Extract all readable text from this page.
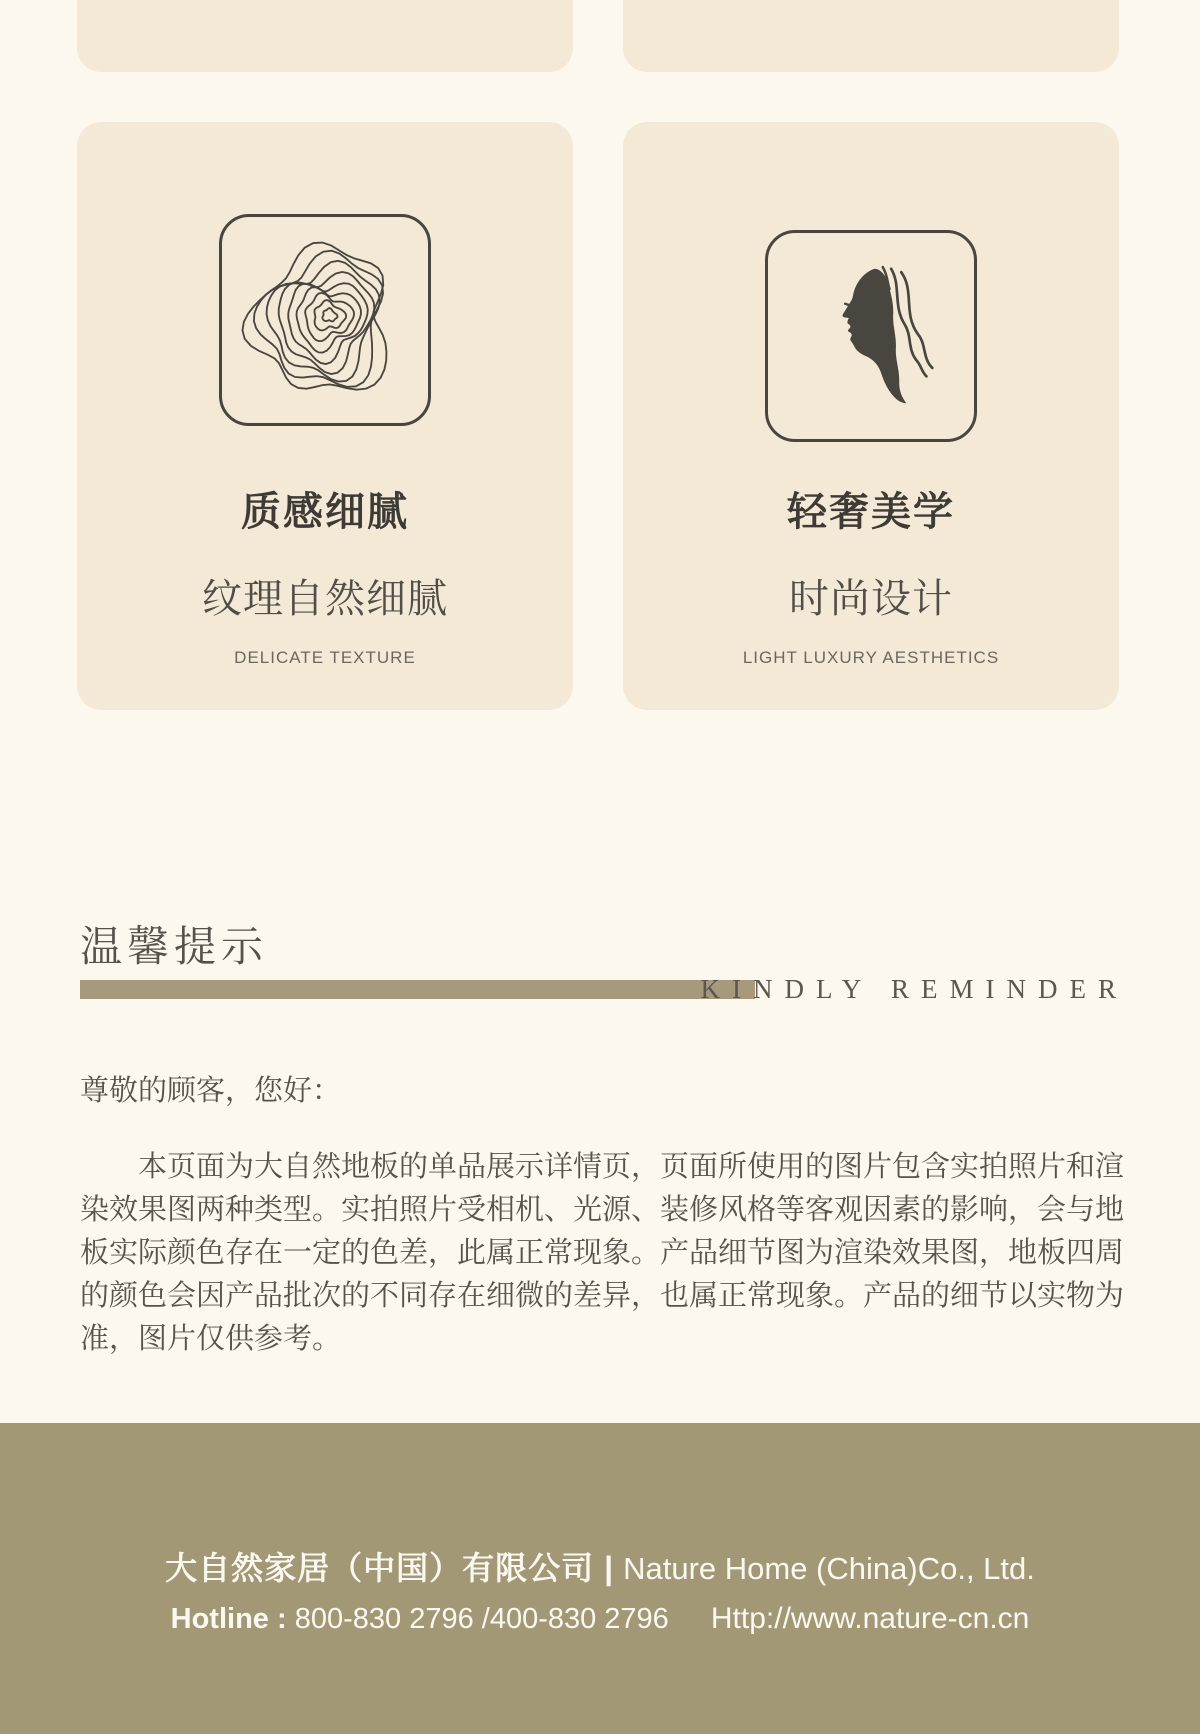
质感细腻
纹理自然细腻
DELICATE TEXTURE
轻奢美学
时尚设计
LIGHT LUXURY AESTHETICS
温馨提示
KINDLY REMINDER
尊敬的顾客，您好：
本页面为大自然地板的单品展示详情页，页面所使用的图片包含实拍照片和渲染效果图两种类型。实拍照片受相机、光源、装修风格等客观因素的影响，会与地板实际颜色存在一定的色差，此属正常现象。产品细节图为渲染效果图，地板四周的颜色会因产品批次的不同存在细微的差异，也属正常现象。产品的细节以实物为准，图片仅供参考。
大自然家居（中国）有限公司 | Nature Home (China)Co., Ltd.
Hotline : 800-830 2796 /400-830 2796 Http://www.nature-cn.cn
